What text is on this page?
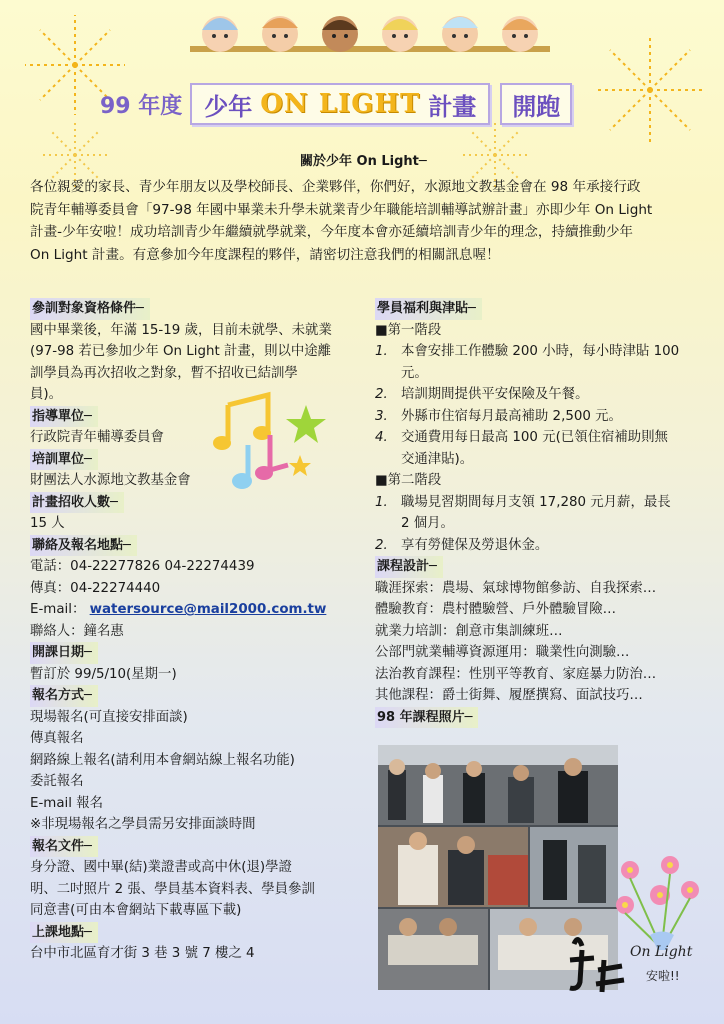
99 年度 少年 ON LIGHT 計畫	開跑
關於少年 On Light─
各位親愛的家長、青少年朋友以及學校師長、企業夥伴，你們好，水源地文教基金會在 98 年承接行政
院青年輔導委員會「97-98 年國中畢業未升學未就業青少年職能培訓輔導試辦計畫」亦即少年 On Light
計畫-少年安啦！成功培訓青少年繼續就學就業，今年度本會亦延續培訓青少年的理念，持續推動少年
On Light 計畫。有意參加今年度課程的夥伴，請密切注意我們的相關訊息喔！
參訓對象資格條件─
國中畢業後，年滿 15-19 歲，目前未就學、未就業
(97-98 若已參加少年 On Light 計畫，則以中途離
訓學員為再次招收之對象，暫不招收已結訓學
員)。
指導單位─
行政院青年輔導委員會
培訓單位─
財團法人水源地文教基金會
計畫招收人數─
15 人
聯絡及報名地點─
電話：04-22277826 04-22274439
傳真：04-22274440
E-mail： watersource@mail2000.com.tw
聯絡人：鐘名惠
開課日期─
暫訂於 99/5/10(星期一)
報名方式─
現場報名(可直接安排面談)
傳真報名
網路線上報名(請利用本會網站線上報名功能)
委託報名
E-mail 報名
※非現場報名之學員需另安排面談時間
報名文件─
身分證、國中畢(結)業證書或高中休(退)學證
明、二吋照片 2 張、學員基本資料表、學員參訓
同意書(可由本會網站下載專區下載)
上課地點─
台中市北區育才街 3 巷 3 號 7 樓之 4
學員福利與津貼─
■第一階段
1. 本會安排工作體驗 200 小時，每小時津貼 100
元。
2. 培訓期間提供平安保險及午餐。
3. 外縣市住宿每月最高補助 2,500 元。
4. 交通費用每日最高 100 元(已領住宿補助則無
交通津貼)。
■第二階段
1. 職場見習期間每月支領 17,280 元月薪，最長
2 個月。
2. 享有勞健保及勞退休金。
課程設計─
職涯探索：農場、氣球博物館參訪、自我探索…
體驗教育：農村體驗營、戶外體驗冒險…
就業力培訓：創意市集訓練班…
公部門就業輔導資源運用：職業性向測驗…
法治教育課程：性別平等教育、家庭暴力防治…
其他課程：爵士街舞、履歷撰寫、面試技巧…
98 年課程照片─
On Light
安啦!!
